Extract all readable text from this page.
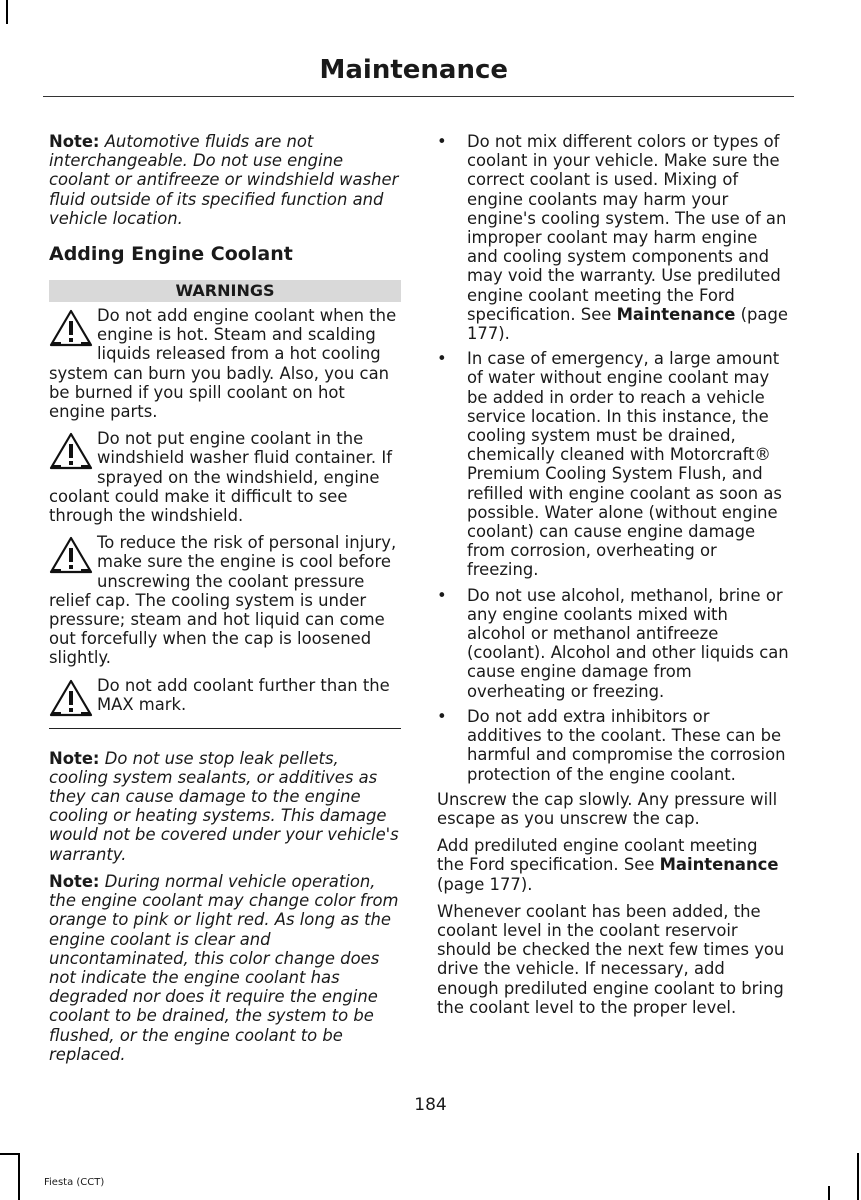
Maintenance

Note: Automotive fluids are not interchangeable. Do not use engine coolant or antifreeze or windshield washer fluid outside of its specified function and vehicle location.

Adding Engine Coolant

WARNINGS
Do not add engine coolant when the engine is hot. Steam and scalding liquids released from a hot cooling system can burn you badly. Also, you can be burned if you spill coolant on hot engine parts.
Do not put engine coolant in the windshield washer fluid container. If sprayed on the windshield, engine coolant could make it difficult to see through the windshield.
To reduce the risk of personal injury, make sure the engine is cool before unscrewing the coolant pressure relief cap. The cooling system is under pressure; steam and hot liquid can come out forcefully when the cap is loosened slightly.
Do not add coolant further than the MAX mark.

Note: Do not use stop leak pellets, cooling system sealants, or additives as they can cause damage to the engine cooling or heating systems. This damage would not be covered under your vehicle's warranty.

Note: During normal vehicle operation, the engine coolant may change color from orange to pink or light red. As long as the engine coolant is clear and uncontaminated, this color change does not indicate the engine coolant has degraded nor does it require the engine coolant to be drained, the system to be flushed, or the engine coolant to be replaced.

• Do not mix different colors or types of coolant in your vehicle. Make sure the correct coolant is used. Mixing of engine coolants may harm your engine's cooling system. The use of an improper coolant may harm engine and cooling system components and may void the warranty. Use prediluted engine coolant meeting the Ford specification. See Maintenance (page 177).
• In case of emergency, a large amount of water without engine coolant may be added in order to reach a vehicle service location. In this instance, the cooling system must be drained, chemically cleaned with Motorcraft® Premium Cooling System Flush, and refilled with engine coolant as soon as possible. Water alone (without engine coolant) can cause engine damage from corrosion, overheating or freezing.
• Do not use alcohol, methanol, brine or any engine coolants mixed with alcohol or methanol antifreeze (coolant). Alcohol and other liquids can cause engine damage from overheating or freezing.
• Do not add extra inhibitors or additives to the coolant. These can be harmful and compromise the corrosion protection of the engine coolant.

Unscrew the cap slowly. Any pressure will escape as you unscrew the cap.

Add prediluted engine coolant meeting the Ford specification. See Maintenance (page 177).

Whenever coolant has been added, the coolant level in the coolant reservoir should be checked the next few times you drive the vehicle. If necessary, add enough prediluted engine coolant to bring the coolant level to the proper level.

184
Fiesta (CCT)
